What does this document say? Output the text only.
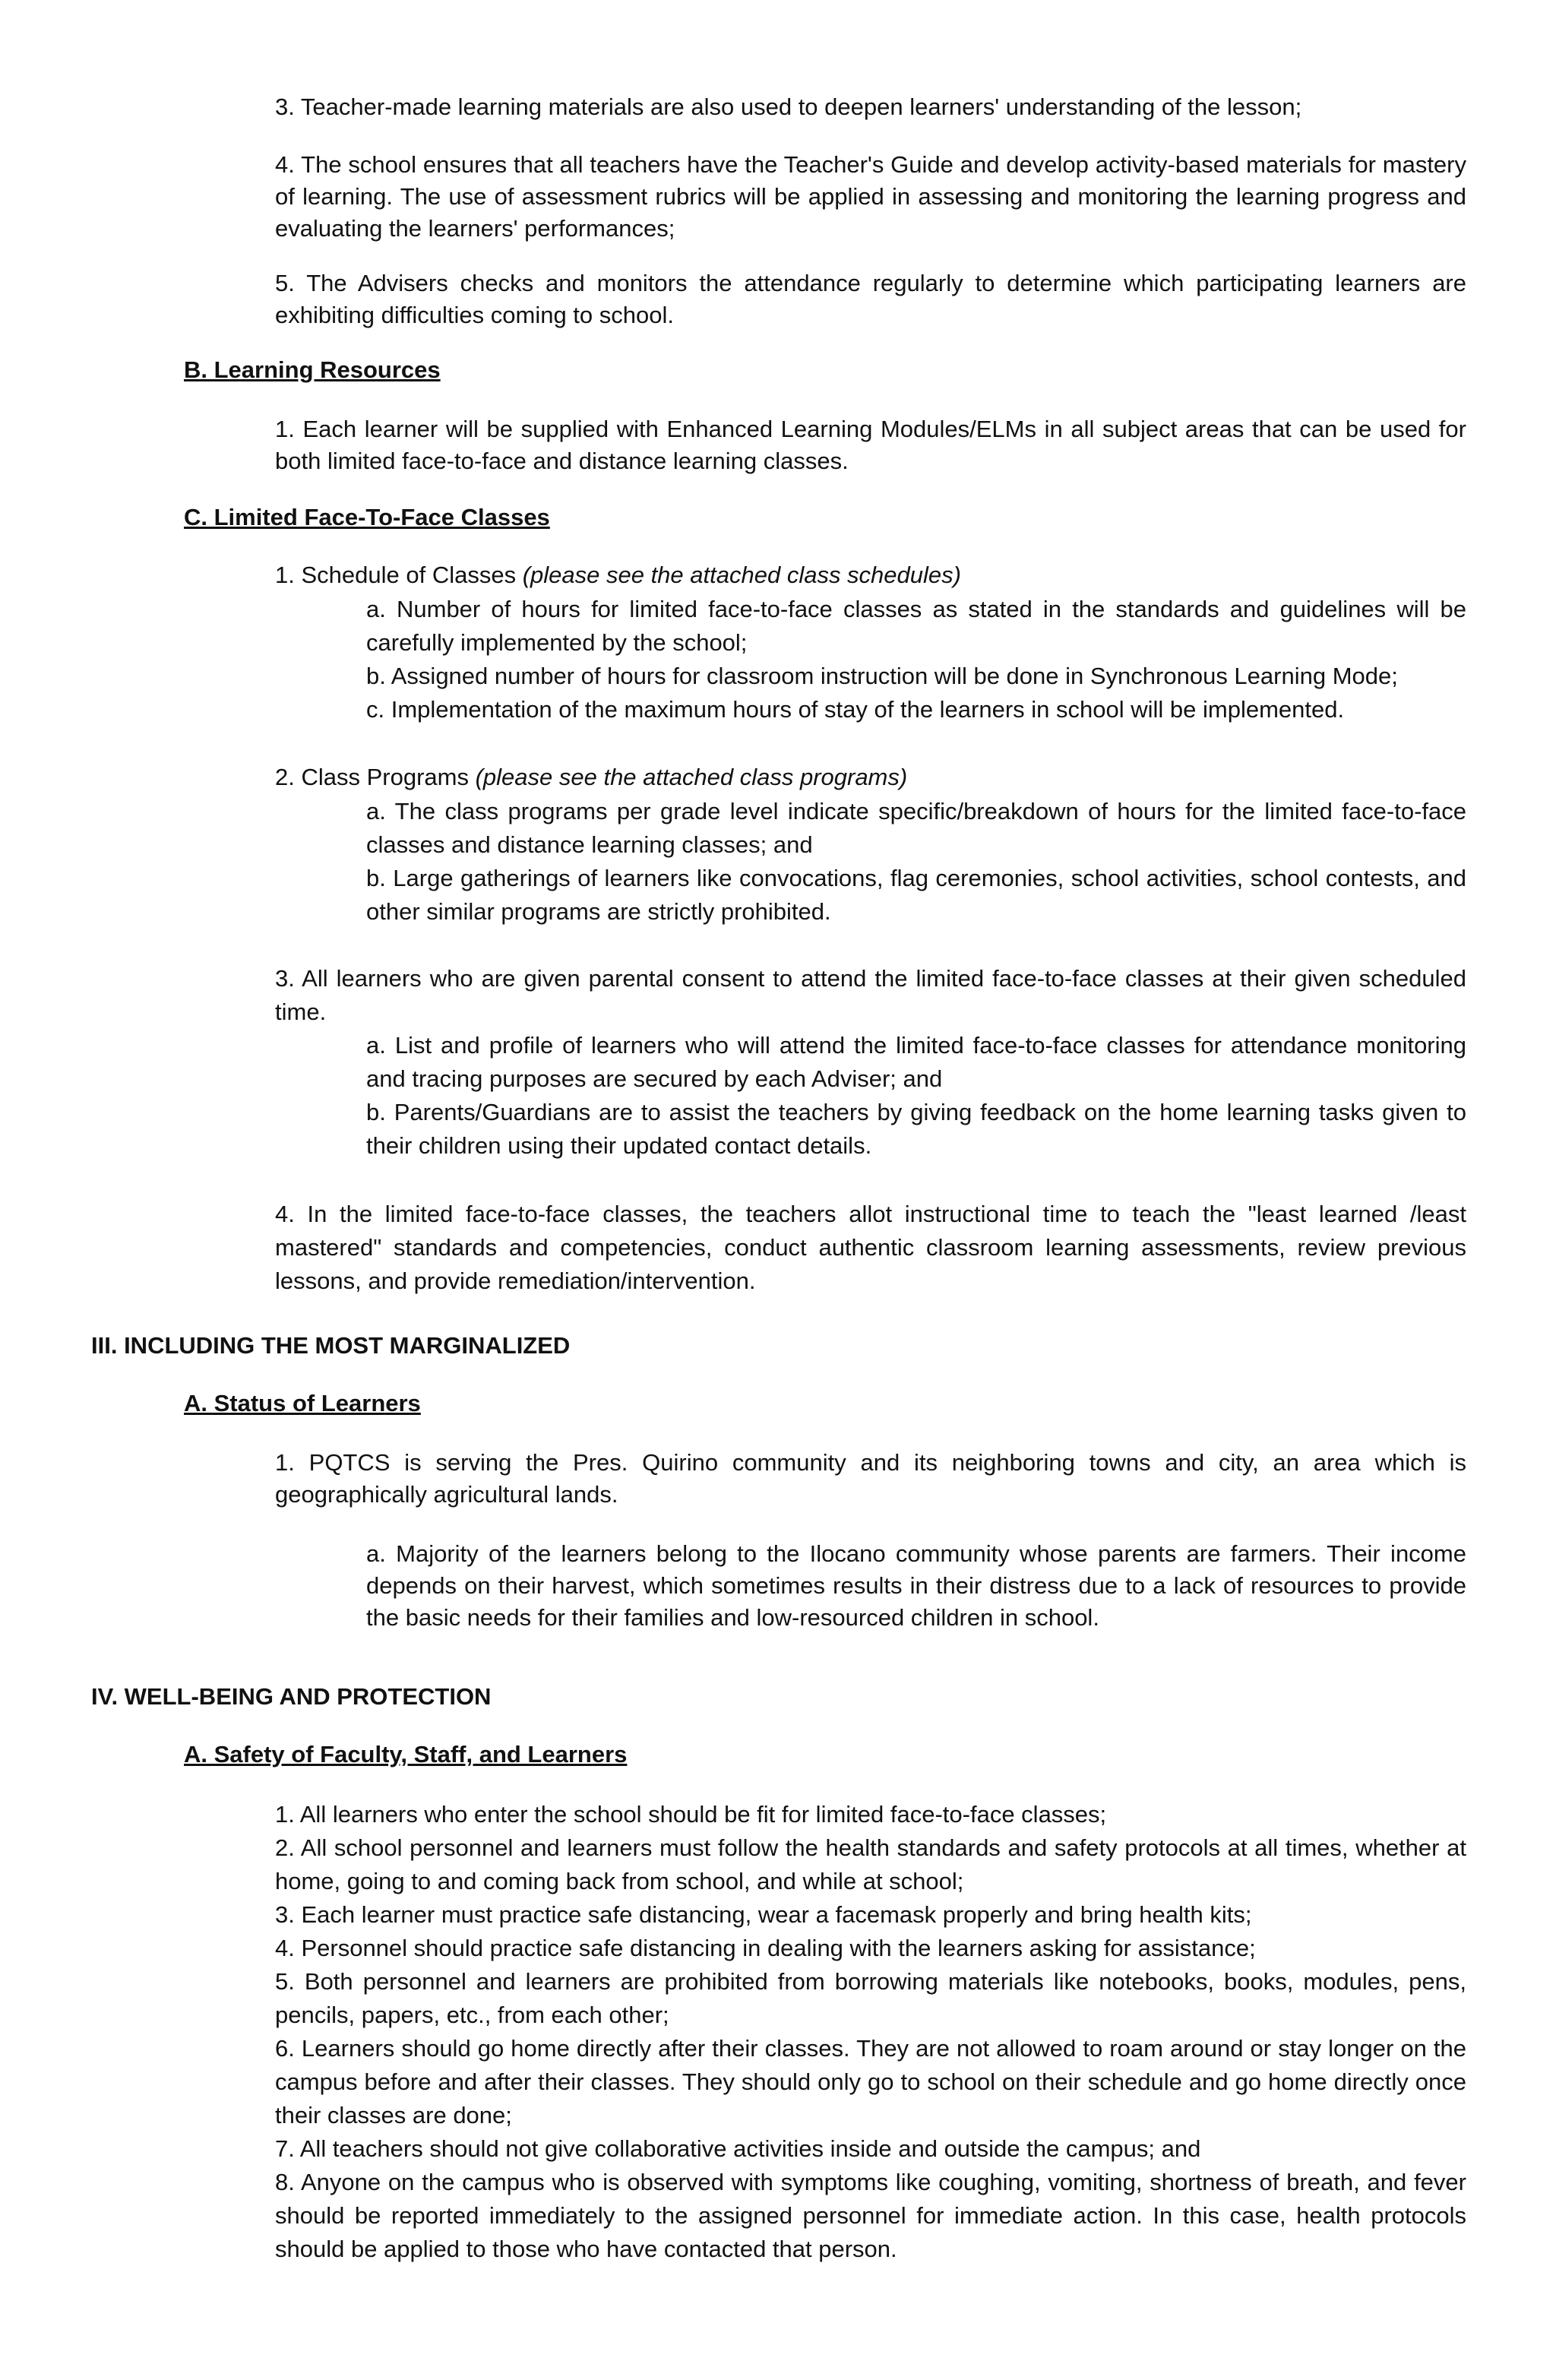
3. Teacher-made learning materials are also used to deepen learners' understanding of the lesson;

4. The school ensures that all teachers have the Teacher's Guide and develop activity-based materials for mastery of learning. The use of assessment rubrics will be applied in assessing and monitoring the learning progress and evaluating the learners' performances;

5. The Advisers checks and monitors the attendance regularly to determine which participating learners are exhibiting difficulties coming to school.

B. Learning Resources

1. Each learner will be supplied with Enhanced Learning Modules/ELMs in all subject areas that can be used for both limited face-to-face and distance learning classes.

C. Limited Face-To-Face Classes

1. Schedule of Classes (please see the attached class schedules)

a. Number of hours for limited face-to-face classes as stated in the standards and guidelines will be carefully implemented by the school;

b. Assigned number of hours for classroom instruction will be done in Synchronous Learning Mode;

c. Implementation of the maximum hours of stay of the learners in school will be implemented.

2. Class Programs (please see the attached class programs)

a. The class programs per grade level indicate specific/breakdown of hours for the limited face-to-face classes and distance learning classes; and

b. Large gatherings of learners like convocations, flag ceremonies, school activities, school contests, and other similar programs are strictly prohibited.

3. All learners who are given parental consent to attend the limited face-to-face classes at their given scheduled time.

a. List and profile of learners who will attend the limited face-to-face classes for attendance monitoring and tracing purposes are secured by each Adviser; and

b. Parents/Guardians are to assist the teachers by giving feedback on the home learning tasks given to their children using their updated contact details.

4. In the limited face-to-face classes, the teachers allot instructional time to teach the "least learned /least mastered" standards and competencies, conduct authentic classroom learning assessments, review previous lessons, and provide remediation/intervention.

III. INCLUDING THE MOST MARGINALIZED
A. Status of Learners

1. PQTCS is serving the Pres. Quirino community and its neighboring towns and city, an area which is geographically agricultural lands.

a. Majority of the learners belong to the Ilocano community whose parents are farmers. Their income depends on their harvest, which sometimes results in their distress due to a lack of resources to provide the basic needs for their families and low-resourced children in school.

IV. WELL-BEING AND PROTECTION
A. Safety of Faculty, Staff, and Learners

1. All learners who enter the school should be fit for limited face-to-face classes;

2. All school personnel and learners must follow the health standards and safety protocols at all times, whether at home, going to and coming back from school, and while at school;

3. Each learner must practice safe distancing, wear a facemask properly and bring health kits;

4. Personnel should practice safe distancing in dealing with the learners asking for assistance;

5. Both personnel and learners are prohibited from borrowing materials like notebooks, books, modules, pens, pencils, papers, etc., from each other;

6. Learners should go home directly after their classes. They are not allowed to roam around or stay longer on the campus before and after their classes. They should only go to school on their schedule and go home directly once their classes are done;

7. All teachers should not give collaborative activities inside and outside the campus; and

8. Anyone on the campus who is observed with symptoms like coughing, vomiting, shortness of breath, and fever should be reported immediately to the assigned personnel for immediate action. In this case, health protocols should be applied to those who have contacted that person.
